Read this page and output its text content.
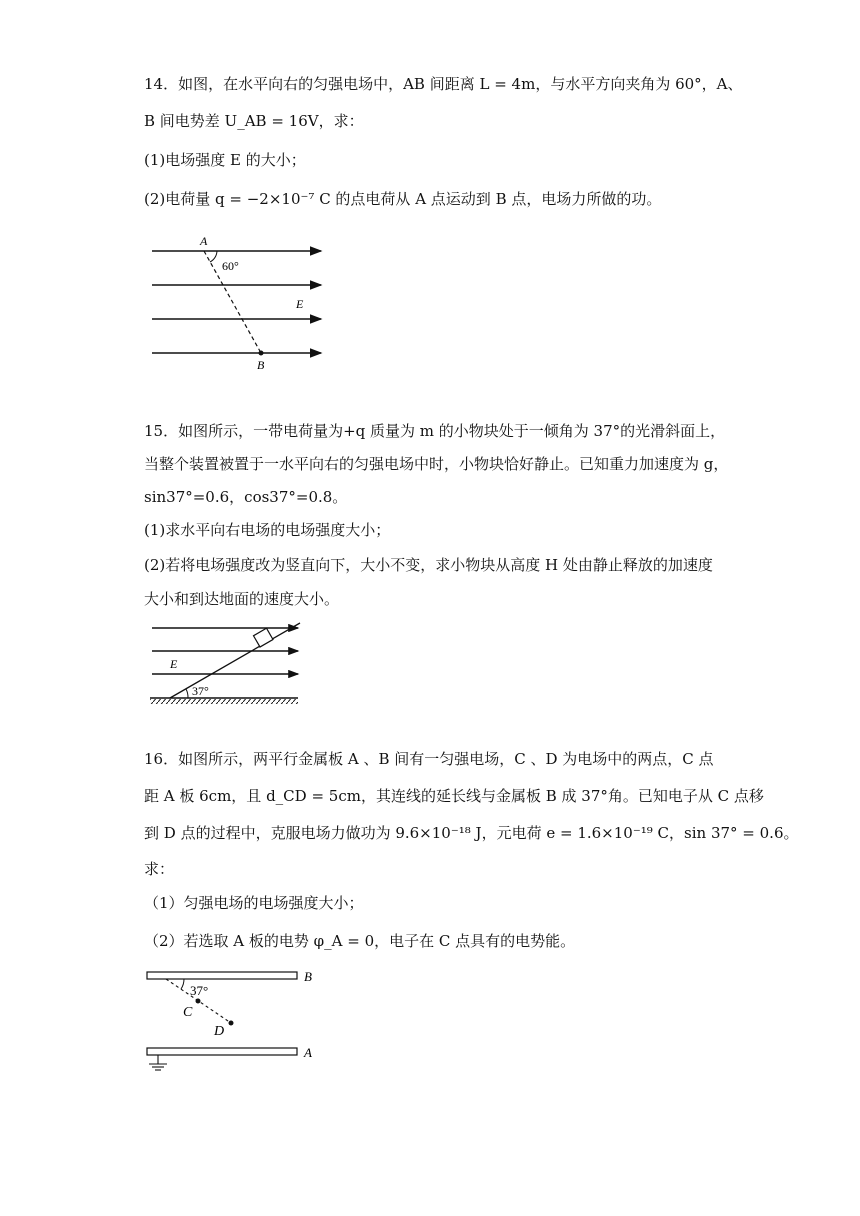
14．如图，在水平向右的匀强电场中，AB 间距离 L = 4m，与水平方向夹角为 60°，A、
B 间电势差 U_AB = 16V，求：
(1)电场强度 E 的大小；
(2)电荷量 q = −2×10⁻⁷ C 的点电荷从 A 点运动到 B 点，电场力所做的功。
A
60°
E
B
15．如图所示，一带电荷量为+q 质量为 m 的小物块处于一倾角为 37°的光滑斜面上，
当整个装置被置于一水平向右的匀强电场中时，小物块恰好静止。已知重力加速度为 g，
sin37°=0.6，cos37°=0.8。
(1)求水平向右电场的电场强度大小；
(2)若将电场强度改为竖直向下，大小不变，求小物块从高度 H 处由静止释放的加速度
大小和到达地面的速度大小。
E
37°
16．如图所示，两平行金属板 A 、B 间有一匀强电场，C 、D 为电场中的两点，C 点
距 A 板 6cm，且 d_CD = 5cm，其连线的延长线与金属板 B 成 37°角。已知电子从 C 点移
到 D 点的过程中，克服电场力做功为 9.6×10⁻¹⁸ J，元电荷 e = 1.6×10⁻¹⁹ C，sin 37° = 0.6。
求：
（1）匀强电场的电场强度大小；
（2）若选取 A 板的电势 φ_A = 0，电子在 C 点具有的电势能。
37°
B
A
C
D
